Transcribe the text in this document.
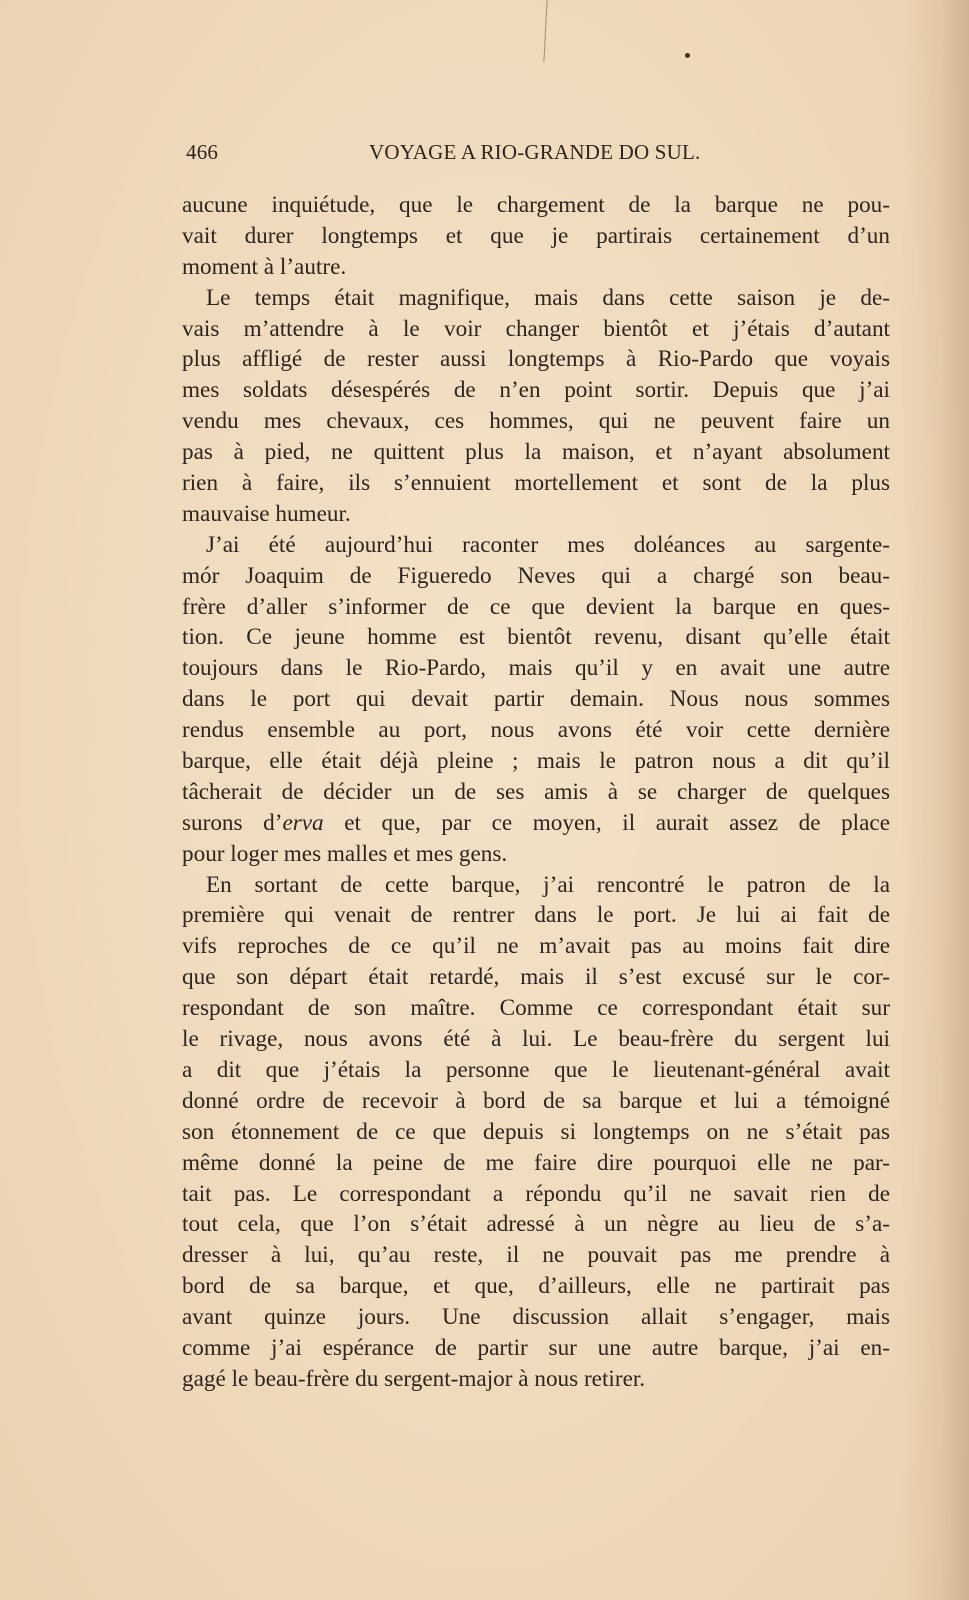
466	VOYAGE A RIO-GRANDE DO SUL.
aucune inquiétude, que le chargement de la barque ne pou-
vait durer longtemps et que je partirais certainement d’un
moment à l’autre.
Le temps était magnifique, mais dans cette saison je de-
vais m’attendre à le voir changer bientôt et j’étais d’autant
plus affligé de rester aussi longtemps à Rio-Pardo que voyais
mes soldats désespérés de n’en point sortir. Depuis que j’ai
vendu mes chevaux, ces hommes, qui ne peuvent faire un
pas à pied, ne quittent plus la maison, et n’ayant absolument
rien à faire, ils s’ennuient mortellement et sont de la plus
mauvaise humeur.
J’ai été aujourd’hui raconter mes doléances au sargente-
mór Joaquim de Figueredo Neves qui a chargé son beau-
frère d’aller s’informer de ce que devient la barque en ques-
tion. Ce jeune homme est bientôt revenu, disant qu’elle était
toujours dans le Rio-Pardo, mais qu’il y en avait une autre
dans le port qui devait partir demain. Nous nous sommes
rendus ensemble au port, nous avons été voir cette dernière
barque, elle était déjà pleine ; mais le patron nous a dit qu’il
tâcherait de décider un de ses amis à se charger de quelques
surons d’erva et que, par ce moyen, il aurait assez de place
pour loger mes malles et mes gens.
En sortant de cette barque, j’ai rencontré le patron de la
première qui venait de rentrer dans le port. Je lui ai fait de
vifs reproches de ce qu’il ne m’avait pas au moins fait dire
que son départ était retardé, mais il s’est excusé sur le cor-
respondant de son maître. Comme ce correspondant était sur
le rivage, nous avons été à lui. Le beau-frère du sergent lui
a dit que j’étais la personne que le lieutenant-général avait
donné ordre de recevoir à bord de sa barque et lui a témoigné
son étonnement de ce que depuis si longtemps on ne s’était pas
même donné la peine de me faire dire pourquoi elle ne par-
tait pas. Le correspondant a répondu qu’il ne savait rien de
tout cela, que l’on s’était adressé à un nègre au lieu de s’a-
dresser à lui, qu’au reste, il ne pouvait pas me prendre à
bord de sa barque, et que, d’ailleurs, elle ne partirait pas
avant quinze jours. Une discussion allait s’engager, mais
comme j’ai espérance de partir sur une autre barque, j’ai en-
gagé le beau-frère du sergent-major à nous retirer.
